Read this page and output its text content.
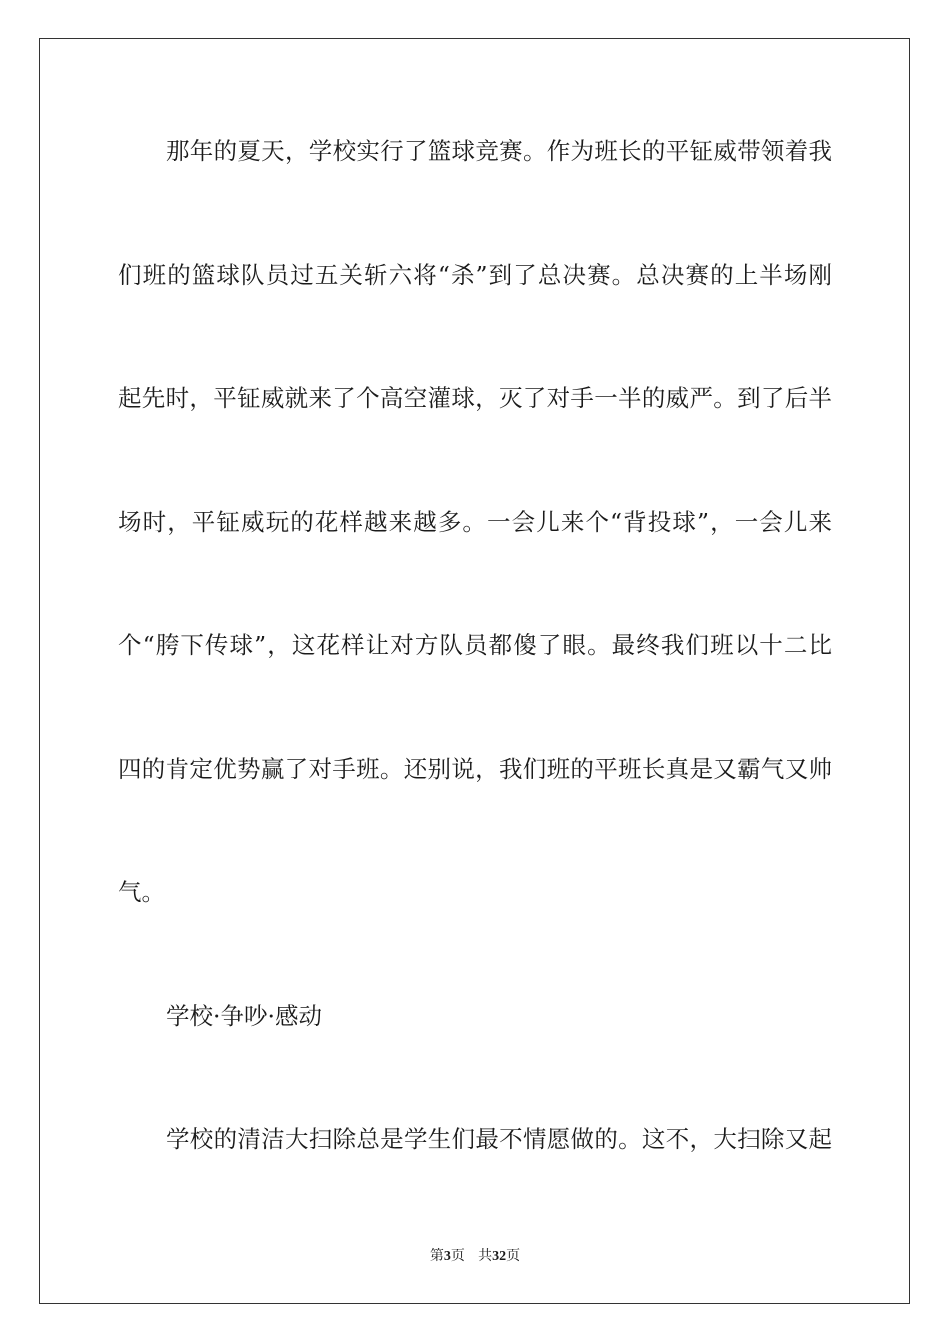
那年的夏天，学校实行了篮球竞赛。作为班长的平钲威带领着我
们班的篮球队员过五关斩六将“杀”到了总决赛。总决赛的上半场刚
起先时，平钲威就来了个高空灌球，灭了对手一半的威严。到了后半
场时，平钲威玩的花样越来越多。一会儿来个“背投球”，一会儿来
个“胯下传球”，这花样让对方队员都傻了眼。最终我们班以十二比
四的肯定优势赢了对手班。还别说，我们班的平班长真是又霸气又帅
气。
学校·争吵·感动
学校的清洁大扫除总是学生们最不情愿做的。这不，大扫除又起
第3页 共32页
